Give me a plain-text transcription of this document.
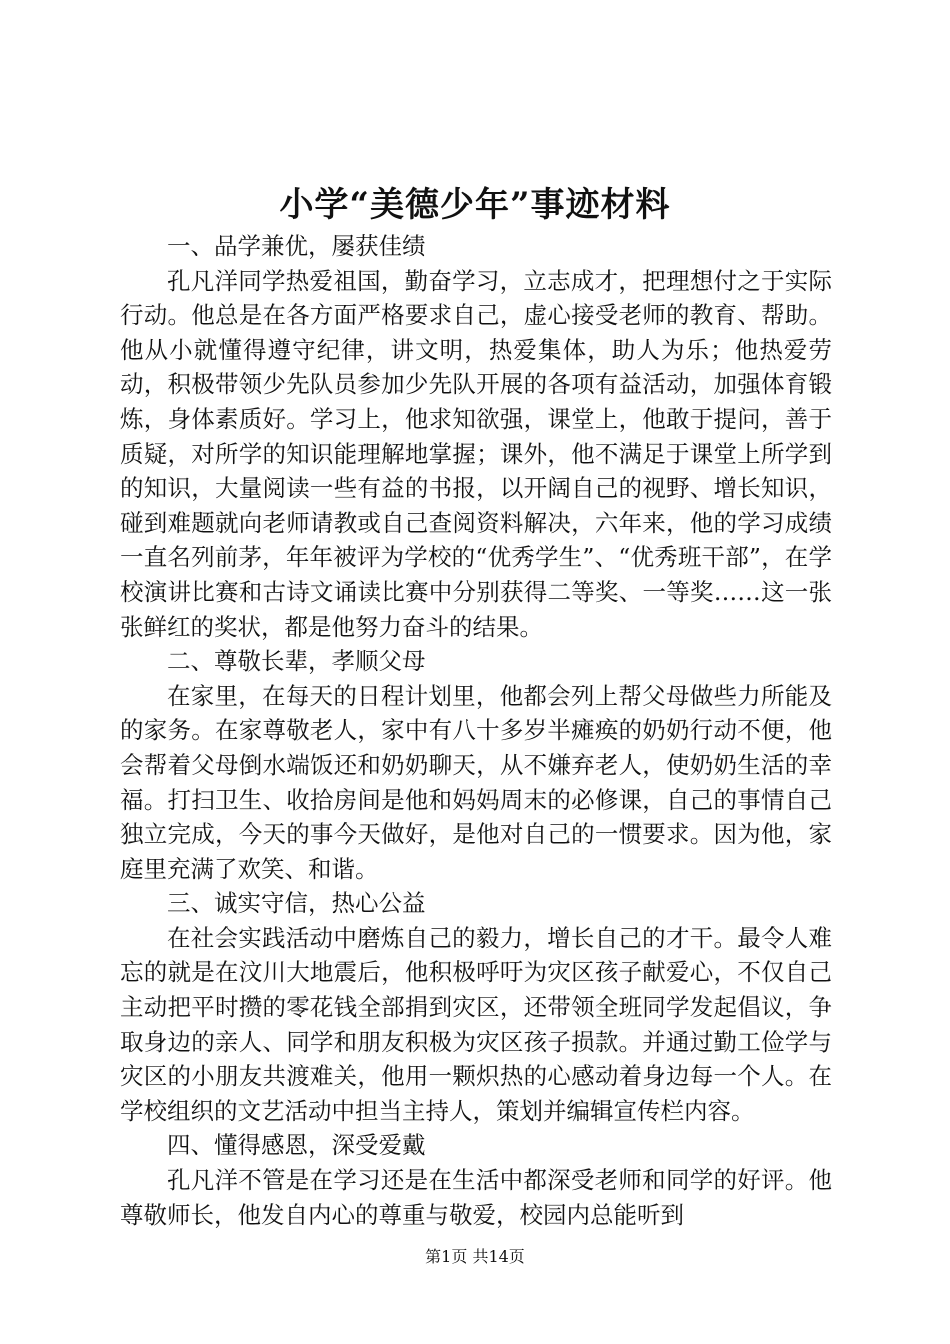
小学“美德少年”事迹材料

一、品学兼优，屡获佳绩

孔凡洋同学热爱祖国，勤奋学习，立志成才，把理想付之于实际行动。他总是在各方面严格要求自己，虚心接受老师的教育、帮助。他从小就懂得遵守纪律，讲文明，热爱集体，助人为乐；他热爱劳动，积极带领少先队员参加少先队开展的各项有益活动，加强体育锻炼，身体素质好。学习上，他求知欲强，课堂上，他敢于提问，善于质疑，对所学的知识能理解地掌握；课外，他不满足于课堂上所学到的知识，大量阅读一些有益的书报，以开阔自己的视野、增长知识，碰到难题就向老师请教或自己查阅资料解决，六年来，他的学习成绩一直名列前茅，年年被评为学校的“优秀学生”、“优秀班干部”，在学校演讲比赛和古诗文诵读比赛中分别获得二等奖、一等奖……这一张张鲜红的奖状，都是他努力奋斗的结果。

二、尊敬长辈，孝顺父母

在家里，在每天的日程计划里，他都会列上帮父母做些力所能及的家务。在家尊敬老人，家中有八十多岁半瘫痪的奶奶行动不便，他会帮着父母倒水端饭还和奶奶聊天，从不嫌弃老人，使奶奶生活的幸福。打扫卫生、收拾房间是他和妈妈周末的必修课，自己的事情自己独立完成，今天的事今天做好，是他对自己的一惯要求。因为他，家庭里充满了欢笑、和谐。

三、诚实守信，热心公益

在社会实践活动中磨炼自己的毅力，增长自己的才干。最令人难忘的就是在汶川大地震后，他积极呼吁为灾区孩子献爱心，不仅自己主动把平时攒的零花钱全部捐到灾区，还带领全班同学发起倡议，争取身边的亲人、同学和朋友积极为灾区孩子损款。并通过勤工俭学与灾区的小朋友共渡难关，他用一颗炽热的心感动着身边每一个人。在学校组织的文艺活动中担当主持人，策划并编辑宣传栏内容。

四、懂得感恩，深受爱戴

孔凡洋不管是在学习还是在生活中都深受老师和同学的好评。他尊敬师长，他发自内心的尊重与敬爱，校园内总能听到

第1页 共14页
